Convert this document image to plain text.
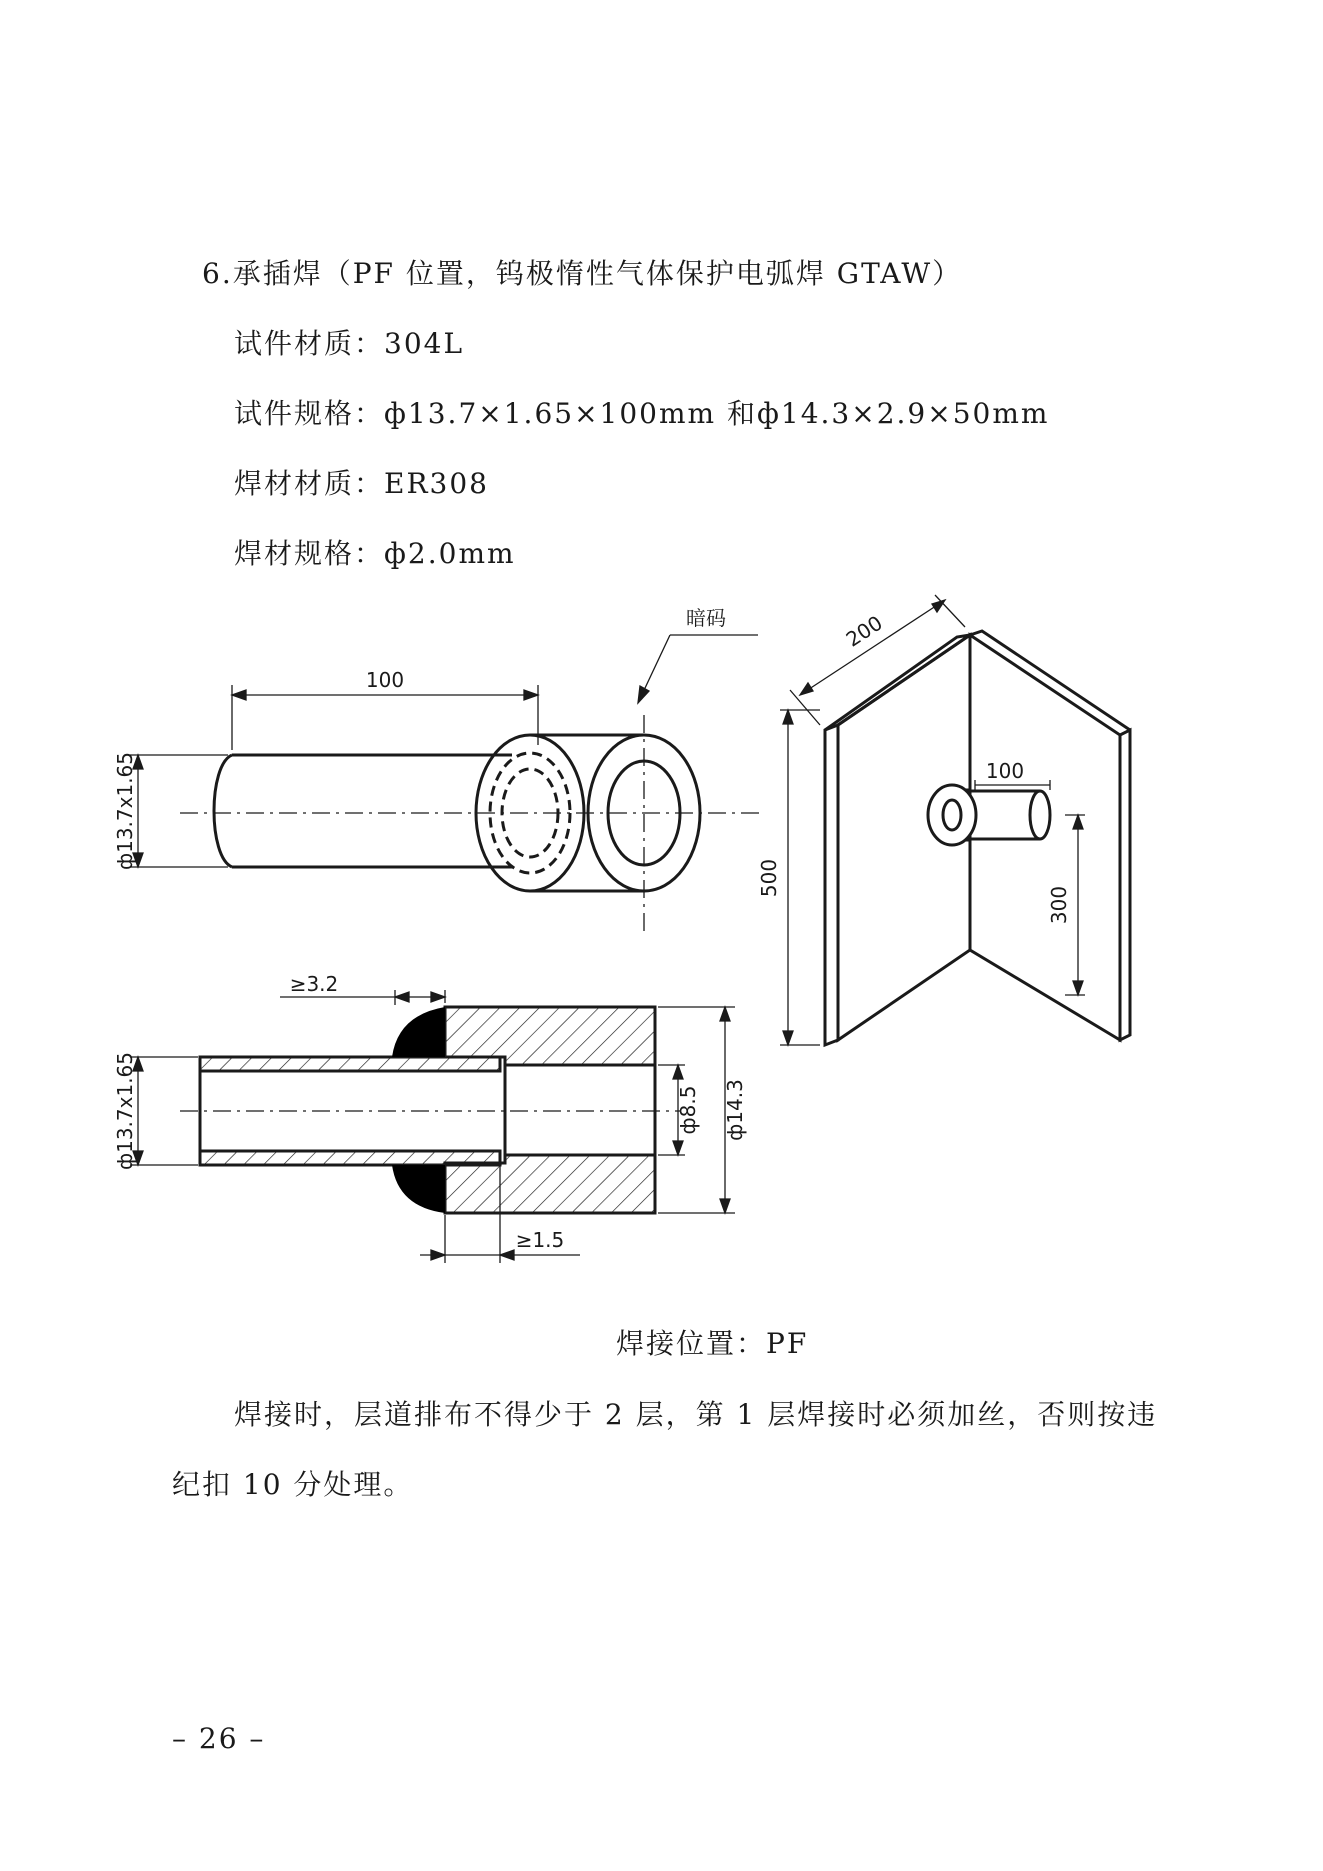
6.承插焊（PF 位置，钨极惰性气体保护电弧焊 GTAW）
试件材质：304L
试件规格：ф13.7×1.65×100mm 和ф14.3×2.9×50mm
焊材材质：ER308
焊材规格：ф2.0mm
100
ф13.7x1.65
暗码
ф13.7x1.65
≥3.2
≥1.5
ф8.5 ф14.3
200
500
100
300
焊接位置：PF
焊接时，层道排布不得少于 2 层，第 1 层焊接时必须加丝，否则按违
纪扣 10 分处理。
– 26 –
